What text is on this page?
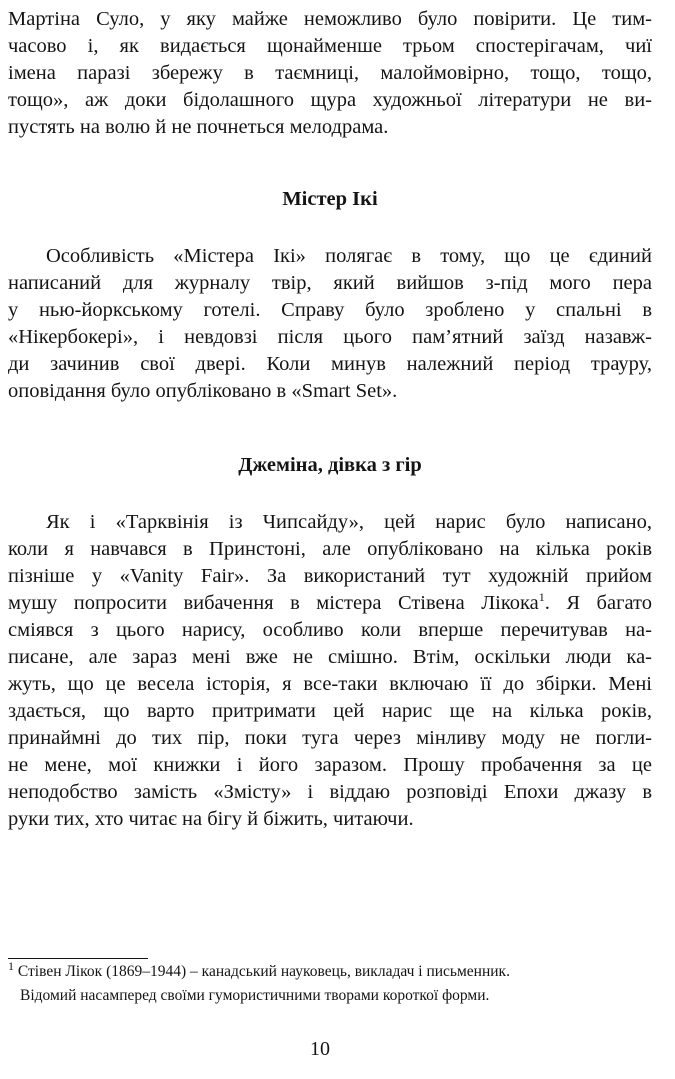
Мартіна Суло, у яку майже неможливо було повірити. Це тим-
часово і, як видається щонайменше трьом спостерігачам, чиї
імена паразі збережу в таємниці, малоймовірно, тощо, тощо,
тощо», аж доки бідолашного щура художньої літератури не ви-
пустять на волю й не почнеться мелодрама.

Містер Ікі

Особливість «Містера Ікі» полягає в тому, що це єдиний
написаний для журналу твір, який вийшов з-під мого пера
у нью-йоркському готелі. Справу було зроблено у спальні в
«Нікербокері», і невдовзі після цього пам’ятний заїзд назавж-
ди зачинив свої двері. Коли минув належний період трауру,
оповідання було опубліковано в «Smart Set».

Джеміна, дівка з гір

Як і «Тарквінія із Чипсайду», цей нарис було написано,
коли я навчався в Принстоні, але опубліковано на кілька років
пізніше у «Vanity Fair». За використаний тут художній прийом
мушу попросити вибачення в містера Стівена Лікока$^1$. Я багато
сміявся з цього нарису, особливо коли вперше перечитував на-
писане, але зараз мені вже не смішно. Втім, оскільки люди ка-
жуть, що це весела історія, я все-таки включаю її до збірки. Мені
здається, що варто притримати цей нарис ще на кілька років,
принаймні до тих пір, поки туга через мінливу моду не погли-
не мене, мої книжки і його заразом. Прошу пробачення за це
неподобство замість «Змісту» і віддаю розповіді Епохи джазу в
руки тих, хто читає на бігу й біжить, читаючи.

$^1$ Стівен Лікок (1869–1944) – канадський науковець, викладач і письменник.
Відомий насамперед своїми гумористичними творами короткої форми.

10
